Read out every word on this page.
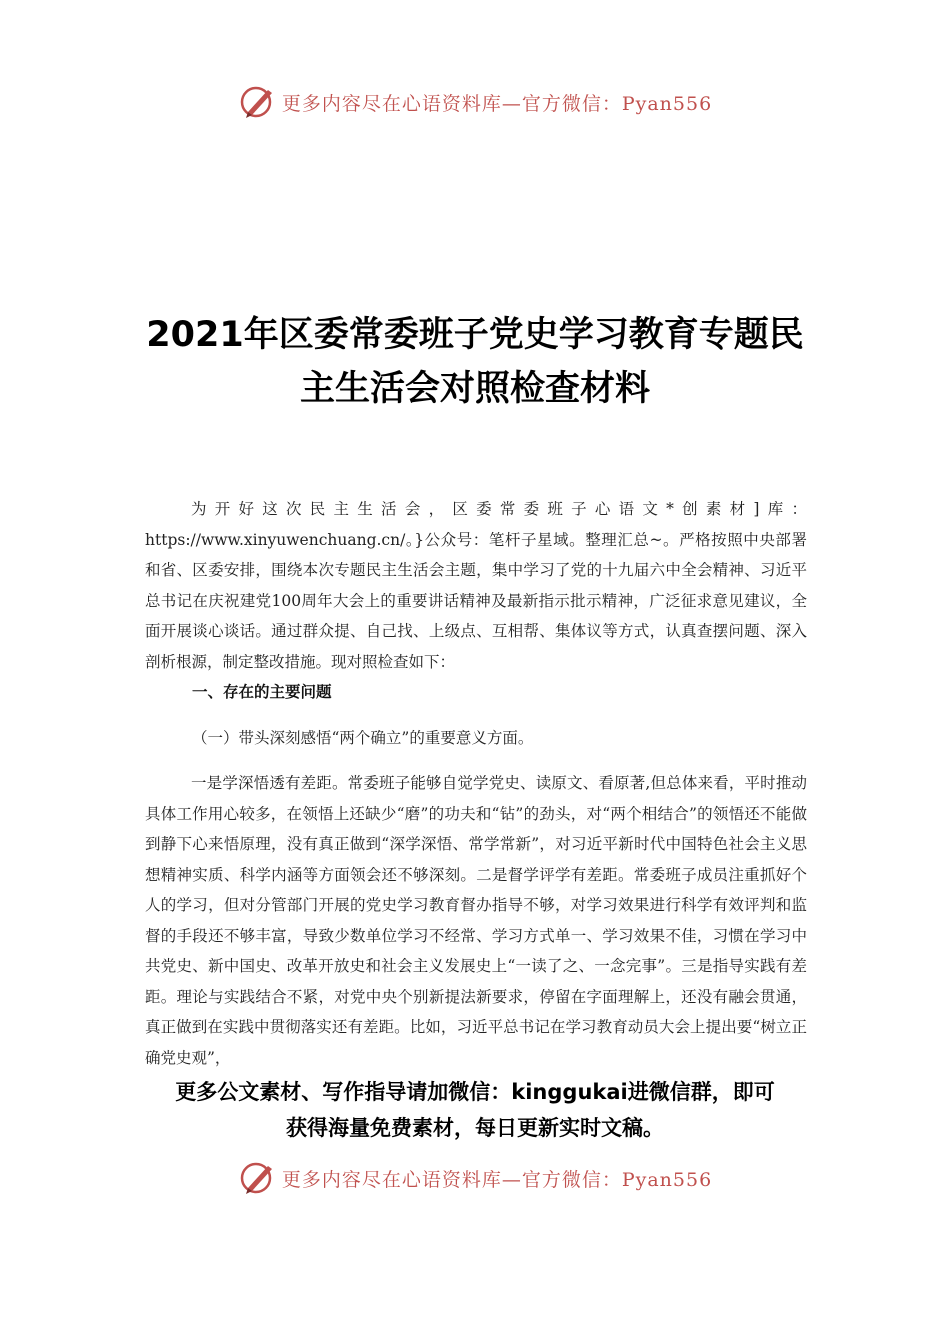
更多内容尽在心语资料库—官方微信：Pyan556
2021年区委常委班子党史学习教育专题民
主生活会对照检查材料

为开好这次民主生活会，区委常委班子心语文*创素材]库：https://www.xinyuwenchuang.cn/。}公众号：笔杆子星域。整理汇总~。严格按照中央部署和省、区委安排，围绕本次专题民主生活会主题，集中学习了党的十九届六中全会精神、习近平总书记在庆祝建党100周年大会上的重要讲话精神及最新指示批示精神，广泛征求意见建议，全面开展谈心谈话。通过群众提、自己找、上级点、互相帮、集体议等方式，认真查摆问题、深入剖析根源，制定整改措施。现对照检查如下：

一、存在的主要问题
（一）带头深刻感悟“两个确立”的重要意义方面。

一是学深悟透有差距。常委班子能够自觉学党史、读原文、看原著,但总体来看，平时推动具体工作用心较多，在领悟上还缺少“磨”的功夫和“钻”的劲头，对“两个相结合”的领悟还不能做到静下心来悟原理，没有真正做到“深学深悟、常学常新”，对习近平新时代中国特色社会主义思想精神实质、科学内涵等方面领会还不够深刻。二是督学评学有差距。常委班子成员注重抓好个人的学习，但对分管部门开展的党史学习教育督办指导不够，对学习效果进行科学有效评判和监督的手段还不够丰富，导致少数单位学习不经常、学习方式单一、学习效果不佳，习惯在学习中共党史、新中国史、改革开放史和社会主义发展史上“一读了之、一念完事”。三是指导实践有差距。理论与实践结合不紧，对党中央个别新提法新要求，停留在字面理解上，还没有融会贯通，真正做到在实践中贯彻落实还有差距。比如，习近平总书记在学习教育动员大会上提出要“树立正确党史观”，

更多公文素材、写作指导请加微信：kinggukai进微信群，即可
获得海量免费素材，每日更新实时文稿。
更多内容尽在心语资料库—官方微信：Pyan556
